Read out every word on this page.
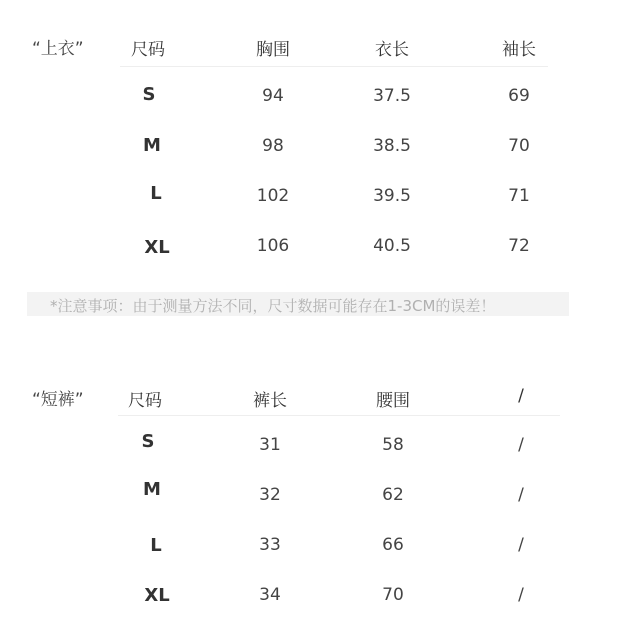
“上衣”	尺码	胸围	衣长	袖长
S	94	37.5	69
M	98	38.5	70
L	102	39.5	71
XL	106	40.5	72
*注意事项：由于测量方法不同，尺寸数据可能存在1-3CM的误差！
“短裤”	尺码	裤长	腰围	/
S	31	58	/
M	32	62	/
L	33	66	/
XL	34	70	/
